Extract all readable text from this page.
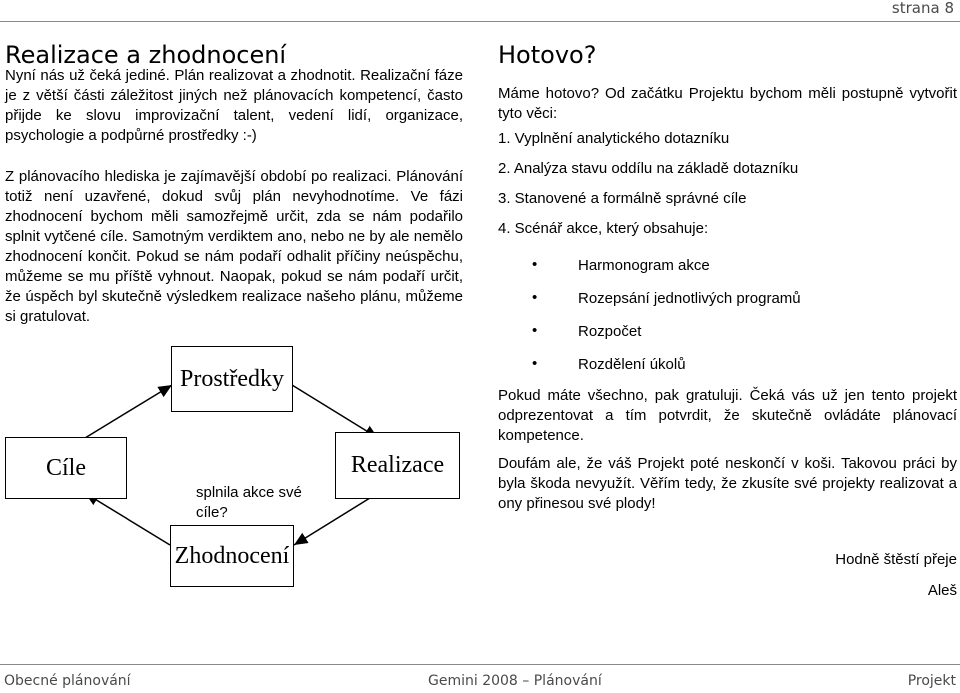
strana 8
Realizace a zhodnocení

Nyní nás už čeká jediné. Plán realizovat a zhodnotit. Realizační fáze je z větší části záležitost jiných než plánovacích kompetencí, často přijde ke slovu improvizační talent, vedení lidí, organizace, psychologie a podpůrné prostředky :-)

Z plánovacího hlediska je zajímavější období po realizaci. Plánování totiž není uzavřené, dokud svůj plán nevyhodnotíme. Ve fázi zhodnocení bychom měli samozřejmě určit, zda se nám podařilo splnit vytčené cíle. Samotným verdiktem ano, nebo ne by ale nemělo zhodnocení končit. Pokud se nám podaří odhalit příčiny neúspěchu, můžeme se mu příště vyhnout. Naopak, pokud se nám podaří určit, že úspěch byl skutečně výsledkem realizace našeho plánu, můžeme si gratulovat.

Prostředky
Cíle	Realizace
Zhodnocení
splnila akce své cíle?
Hotovo?

Máme hotovo? Od začátku Projektu bychom měli postupně vytvořit tyto věci:

1. Vyplnění analytického dotazníku
2. Analýza stavu oddílu na základě dotazníku
3. Stanovené a formálně správné cíle
4. Scénář akce, který obsahuje:
•	Harmonogram akce
•	Rozepsání jednotlivých programů
•	Rozpočet
•	Rozdělení úkolů

Pokud máte všechno, pak gratuluji. Čeká vás už jen tento projekt odprezentovat a tím potvrdit, že skutečně ovládáte plánovací kompetence.

Doufám ale, že váš Projekt poté neskončí v koši. Takovou práci by byla škoda nevyužít. Věřím tedy, že zkusíte své projekty realizovat a ony přinesou své plody!

Hodně štěstí přeje
Aleš
Obecné plánování	Gemini 2008 – Plánování	Projekt
